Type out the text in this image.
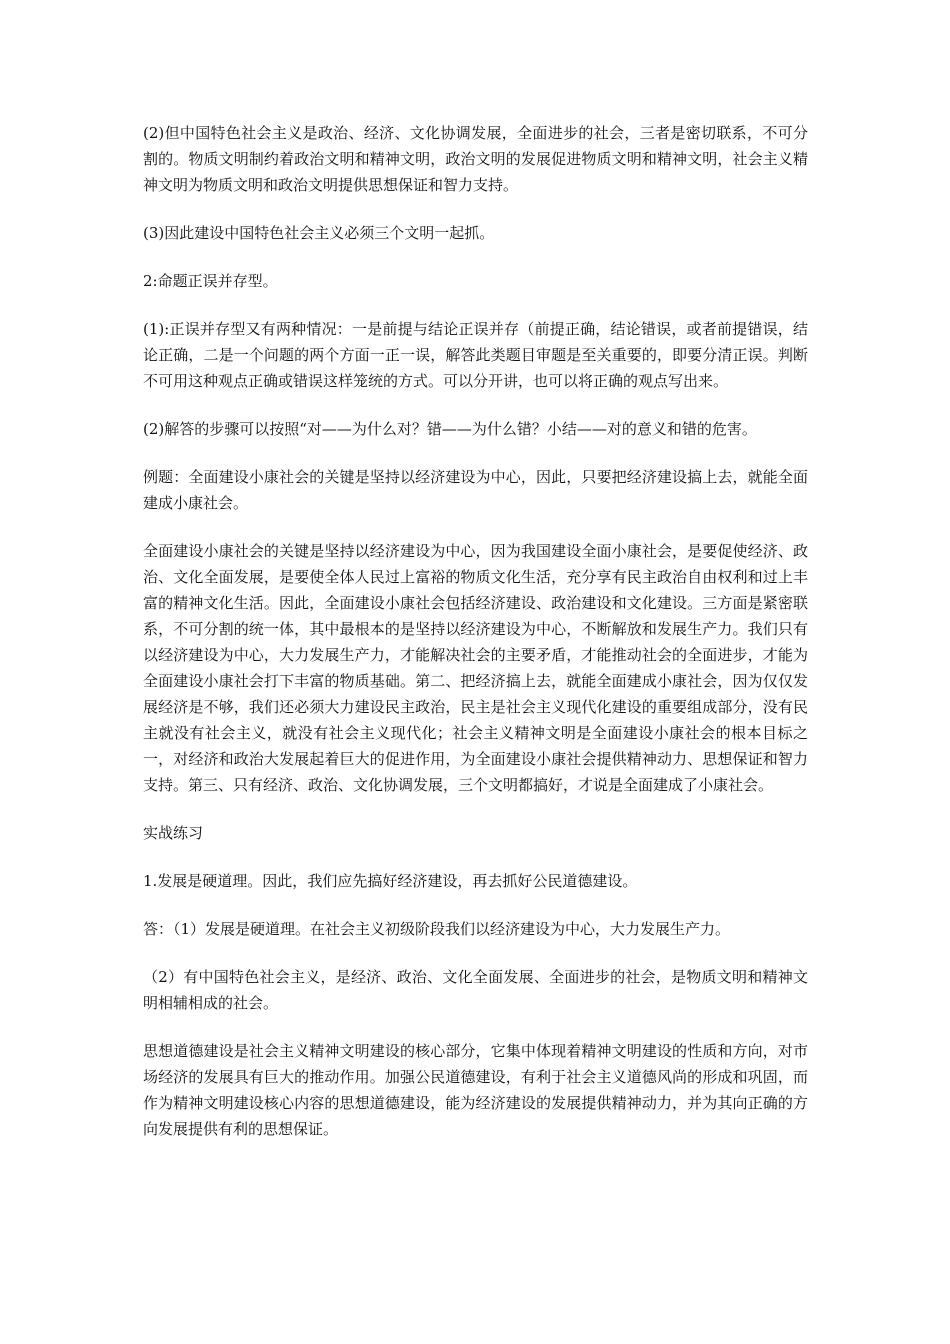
(2)但中国特色社会主义是政治、经济、文化协调发展，全面进步的社会，三者是密切联系，不可分割的。物质文明制约着政治文明和精神文明，政治文明的发展促进物质文明和精神文明，社会主义精神文明为物质文明和政治文明提供思想保证和智力支持。

(3)因此建设中国特色社会主义必须三个文明一起抓。

2:命题正误并存型。

(1):正误并存型又有两种情况：一是前提与结论正误并存（前提正确，结论错误，或者前提错误，结论正确，二是一个问题的两个方面一正一误，解答此类题目审题是至关重要的，即要分清正误。判断不可用这种观点正确或错误这样笼统的方式。可以分开讲，也可以将正确的观点写出来。

(2)解答的步骤可以按照“对——为什么对？错——为什么错？小结——对的意义和错的危害。

例题：全面建设小康社会的关键是坚持以经济建设为中心，因此，只要把经济建设搞上去，就能全面建成小康社会。

全面建设小康社会的关键是坚持以经济建设为中心，因为我国建设全面小康社会，是要促使经济、政治、文化全面发展，是要使全体人民过上富裕的物质文化生活，充分享有民主政治自由权利和过上丰富的精神文化生活。因此，全面建设小康社会包括经济建设、政治建设和文化建设。三方面是紧密联系，不可分割的统一体，其中最根本的是坚持以经济建设为中心，不断解放和发展生产力。我们只有以经济建设为中心，大力发展生产力，才能解决社会的主要矛盾，才能推动社会的全面进步，才能为全面建设小康社会打下丰富的物质基础。第二、把经济搞上去，就能全面建成小康社会，因为仅仅发展经济是不够，我们还必须大力建设民主政治，民主是社会主义现代化建设的重要组成部分，没有民主就没有社会主义，就没有社会主义现代化；社会主义精神文明是全面建设小康社会的根本目标之一，对经济和政治大发展起着巨大的促进作用，为全面建设小康社会提供精神动力、思想保证和智力支持。第三、只有经济、政治、文化协调发展，三个文明都搞好，才说是全面建成了小康社会。

实战练习

1.发展是硬道理。因此，我们应先搞好经济建设，再去抓好公民道德建设。

答：（1）发展是硬道理。在社会主义初级阶段我们以经济建设为中心，大力发展生产力。

（2）有中国特色社会主义，是经济、政治、文化全面发展、全面进步的社会，是物质文明和精神文明相辅相成的社会。

思想道德建设是社会主义精神文明建设的核心部分，它集中体现着精神文明建设的性质和方向，对市场经济的发展具有巨大的推动作用。加强公民道德建设，有利于社会主义道德风尚的形成和巩固，而作为精神文明建设核心内容的思想道德建设，能为经济建设的发展提供精神动力，并为其向正确的方向发展提供有利的思想保证。
